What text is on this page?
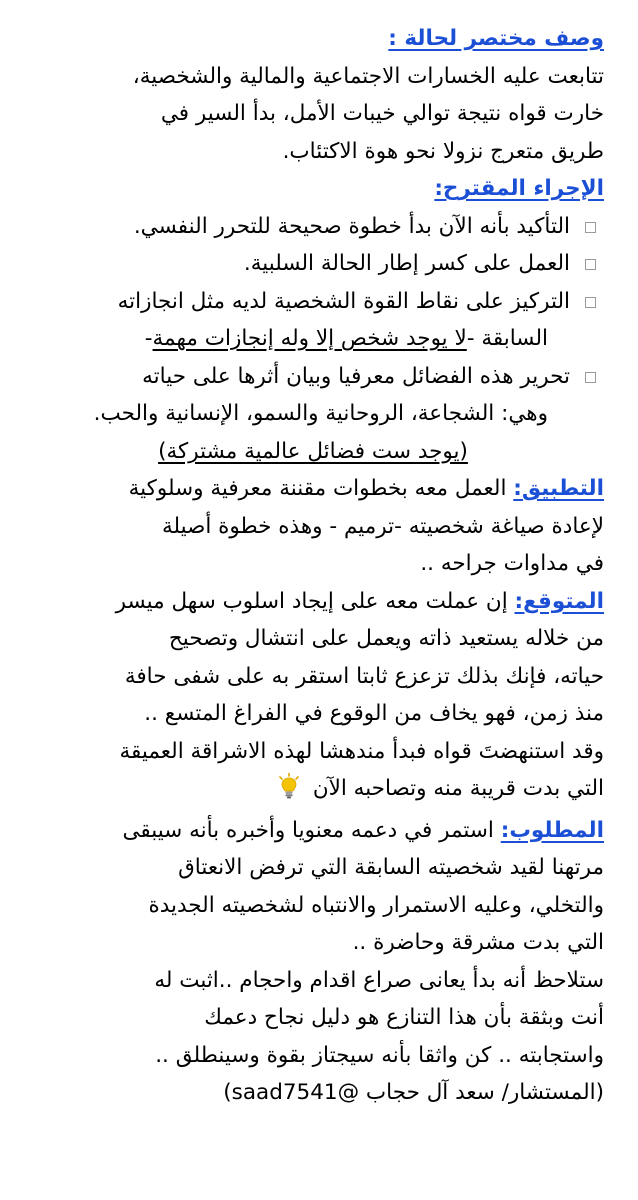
وصف مختصر لحالة :
تتابعت عليه الخسارات الاجتماعية والمالية والشخصية،
خارت قواه نتيجة توالي خيبات الأمل، بدأ السير في
طريق متعرج نزولا نحو هوة الاكتئاب.
الإجراء المقترح:
التأكيد بأنه الآن بدأ خطوة صحيحة للتحرر النفسي.
العمل على كسر إطار الحالة السلبية.
التركيز على نقاط القوة الشخصية لديه مثل انجازاته
السابقة -لا يوجد شخص إلا وله إنجازات مهمة-
تحرير هذه الفضائل معرفيا وبيان أثرها على حياته
وهي: الشجاعة، الروحانية والسمو، الإنسانية والحب.
(يوجد ست فضائل عالمية مشتركة)
التطبيق: العمل معه بخطوات مقننة معرفية وسلوكية
لإعادة صياغة شخصيته -ترميم - وهذه خطوة أصيلة
في مداوات جراحه ..
المتوقع: إن عملت معه على إيجاد اسلوب سهل ميسر
من خلاله يستعيد ذاته ويعمل على انتشال وتصحيح
حياته، فإنك بذلك تزعزع ثابتا استقر به على شفى حافة
منذ زمن، فهو يخاف من الوقوع في الفراغ المتسع ..
وقد استنهضتَ قواه فبدأ مندهشا لهذه الاشراقة العميقة
التي بدت قريبة منه وتصاحبه الآن
المطلوب: استمر في دعمه معنويا وأخبره بأنه سيبقى
مرتهنا لقيد شخصيته السابقة التي ترفض الانعتاق
والتخلي، وعليه الاستمرار والانتباه لشخصيته الجديدة
التي بدت مشرقة وحاضرة ..
ستلاحظ أنه بدأ يعانى صراع اقدام واحجام ..اثبت له
أنت وبثقة بأن هذا التنازع هو دليل نجاح دعمك
واستجابته .. كن واثقا بأنه سيجتاز بقوة وسينطلق ..
(المستشار/ سعد آل حجاب @saad7541)
